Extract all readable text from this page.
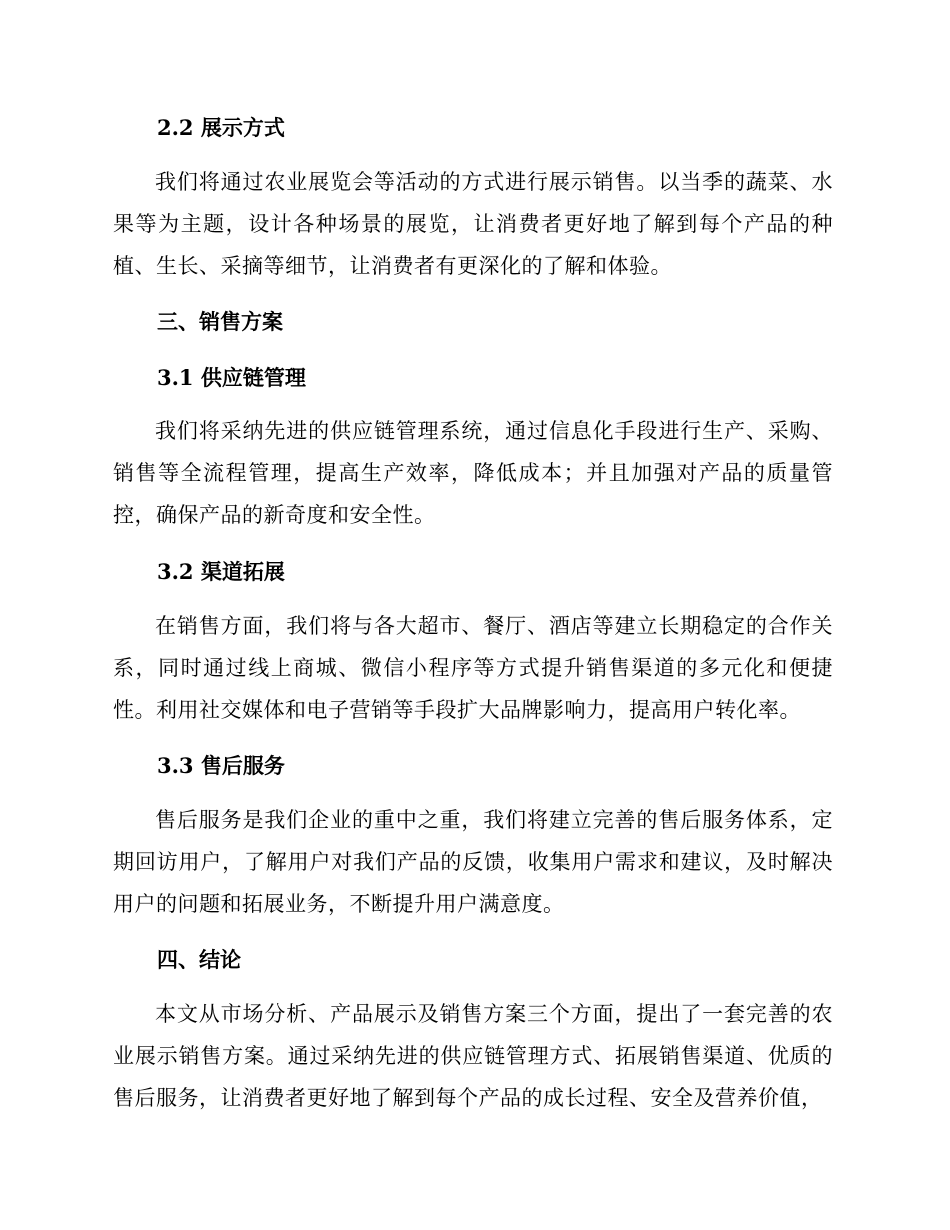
2.2 展示方式

我们将通过农业展览会等活动的方式进行展示销售。以当季的蔬菜、水果等为主题，设计各种场景的展览，让消费者更好地了解到每个产品的种植、生长、采摘等细节，让消费者有更深化的了解和体验。

三、销售方案
3.1 供应链管理

我们将采纳先进的供应链管理系统，通过信息化手段进行生产、采购、销售等全流程管理，提高生产效率，降低成本；并且加强对产品的质量管控，确保产品的新奇度和安全性。

3.2 渠道拓展

在销售方面，我们将与各大超市、餐厅、酒店等建立长期稳定的合作关系，同时通过线上商城、微信小程序等方式提升销售渠道的多元化和便捷性。利用社交媒体和电子营销等手段扩大品牌影响力，提高用户转化率。

3.3 售后服务

售后服务是我们企业的重中之重，我们将建立完善的售后服务体系，定期回访用户，了解用户对我们产品的反馈，收集用户需求和建议，及时解决用户的问题和拓展业务，不断提升用户满意度。

四、结论

本文从市场分析、产品展示及销售方案三个方面，提出了一套完善的农业展示销售方案。通过采纳先进的供应链管理方式、拓展销售渠道、优质的售后服务，让消费者更好地了解到每个产品的成长过程、安全及营养价值，
